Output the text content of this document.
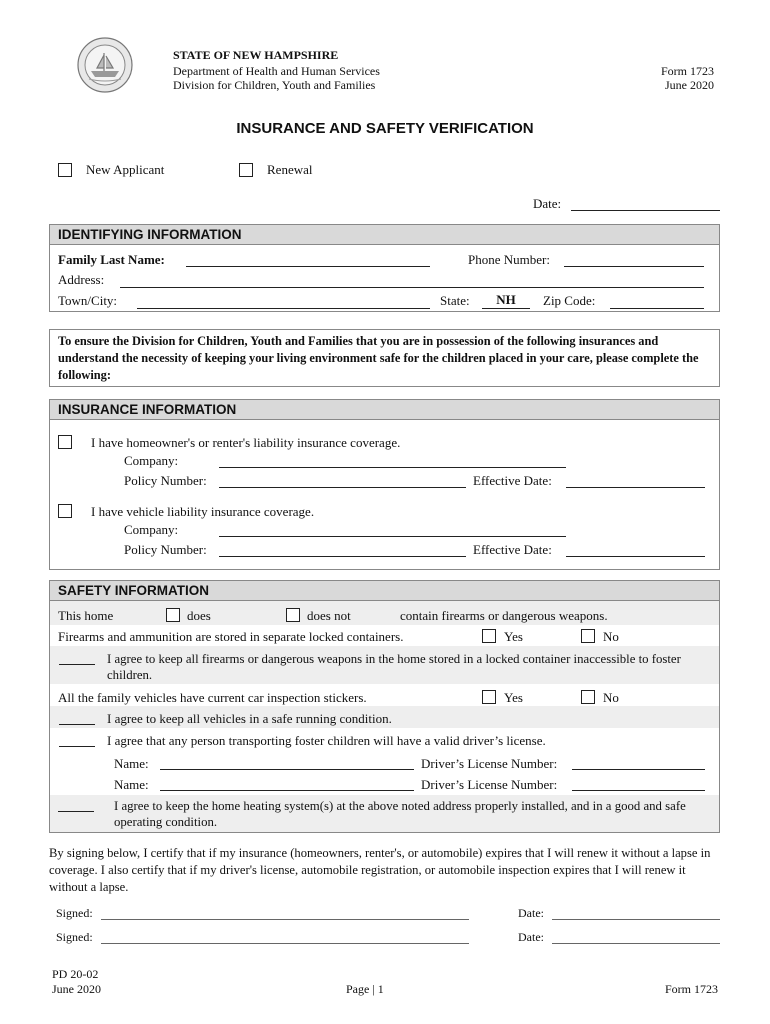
STATE OF NEW HAMPSHIRE
Department of Health and Human Services
Division for Children, Youth and Families
Form 1723
June 2020
INSURANCE AND SAFETY VERIFICATION
New Applicant	Renewal
Date:
IDENTIFYING INFORMATION
Family Last Name:	Phone Number:
Address:
Town/City:	State:	NH	Zip Code:
To ensure the Division for Children, Youth and Families that you are in possession of the following insurances and understand the necessity of keeping your living environment safe for the children placed in your care, please complete the following:
INSURANCE INFORMATION
I have homeowner's or renter's liability insurance coverage.
Company:
Policy Number:	Effective Date:
I have vehicle liability insurance coverage.
Company:
Policy Number:	Effective Date:
SAFETY INFORMATION
This home	does	does not	contain firearms or dangerous weapons.
Firearms and ammunition are stored in separate locked containers.	Yes	No
I agree to keep all firearms or dangerous weapons in the home stored in a locked container inaccessible to foster children.
All the family vehicles have current car inspection stickers.	Yes	No
I agree to keep all vehicles in a safe running condition.
I agree that any person transporting foster children will have a valid driver’s license.
Name:	Driver’s License Number:
Name:	Driver’s License Number:
I agree to keep the home heating system(s) at the above noted address properly installed, and in a good and safe operating condition.
By signing below, I certify that if my insurance (homeowners, renter's, or automobile) expires that I will renew it without a lapse in coverage. I also certify that if my driver's license, automobile registration, or automobile inspection expires that I will renew it without a lapse.
Signed:	Date:
Signed:	Date:
PD 20-02
June 2020	Page | 1	Form 1723
